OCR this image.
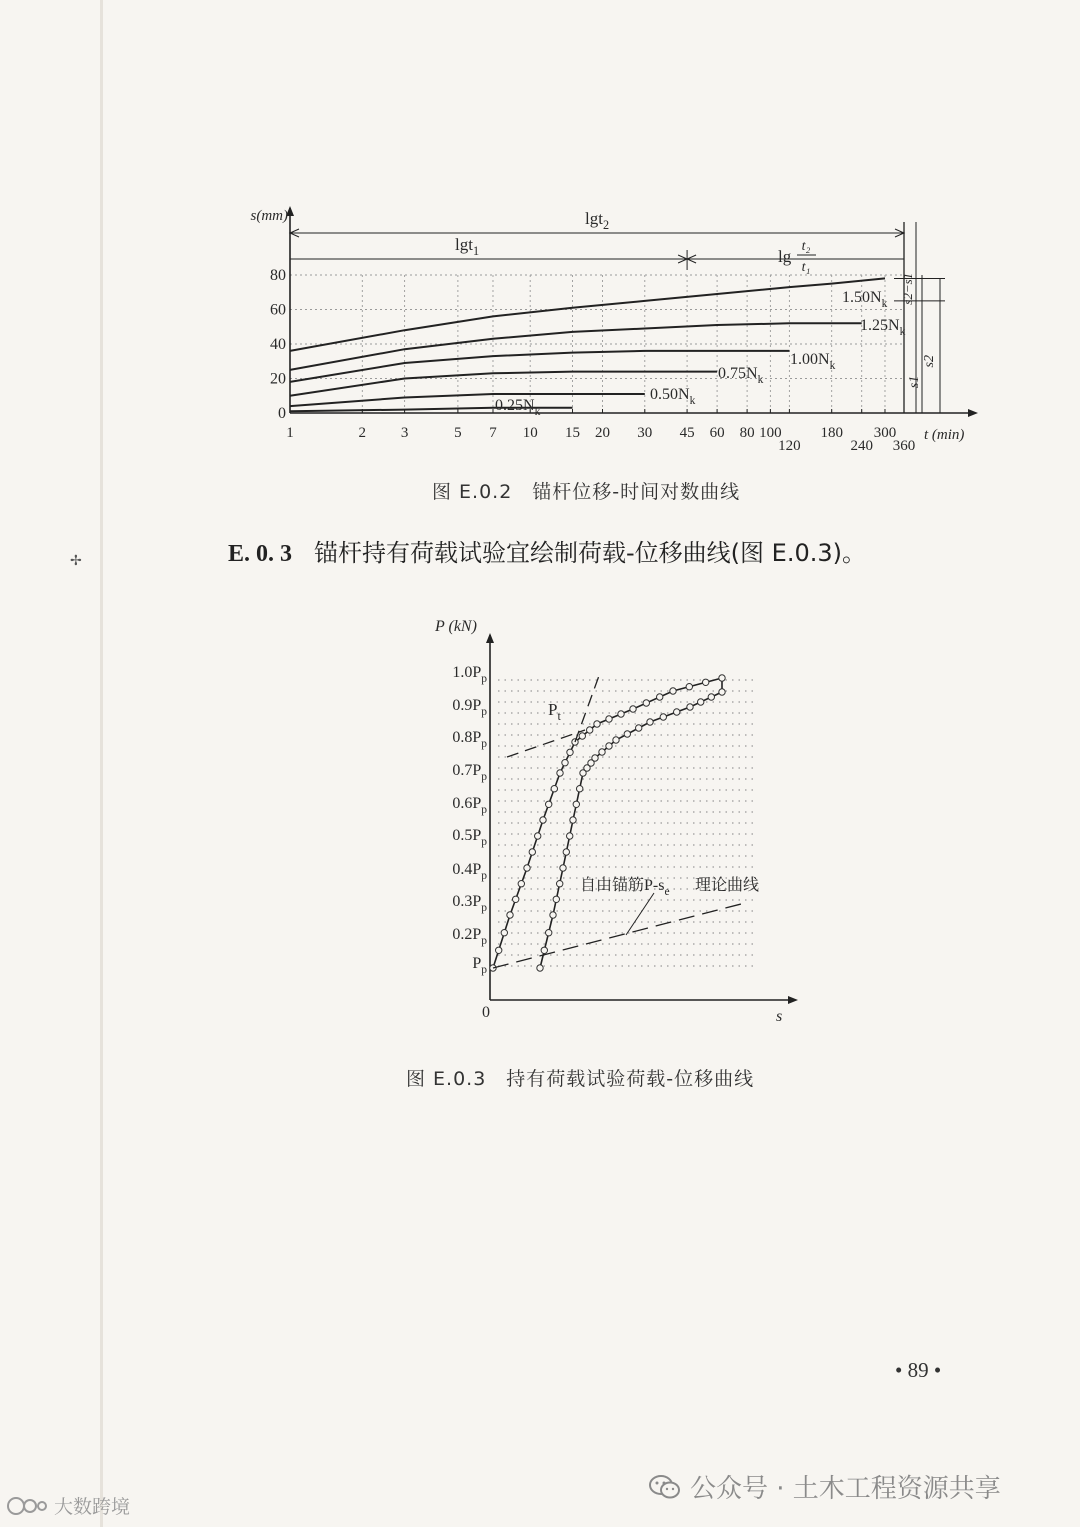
✢
1	2 3	5 7 10 15 20 30 45 60 80 100
120
180
240
300
360
0
20
40
60
80
s(mm)
t (min)
lgt$_2$
lgt$_1$	lg
t₂
t₁
s2−s1
s1
s2
$1.50N_k$
$1.25N_k$
$1.00N_k$
$0.75N_k$
$0.50N_k$
$0.25N_k$
图 E.0.2　锚杆位移-时间对数曲线
E. 0. 3 锚杆持有荷载试验宜绘制荷载-位移曲线(图 E.0.3)。
P (kN)
s
0
$P_p$
$0.2P_p$
$0.3P_p$
$0.4P_p$
$0.5P_p$
$0.6P_p$
$0.7P_p$
$0.8P_p$
$0.9P_p$
$1.0P_p$
$P_t$
自由锚筋$P-s_e$ 理论曲线
图 E.0.3　持有荷载试验荷载-位移曲线
• 89 •
公众号 · 土木工程资源共享
大数跨境
